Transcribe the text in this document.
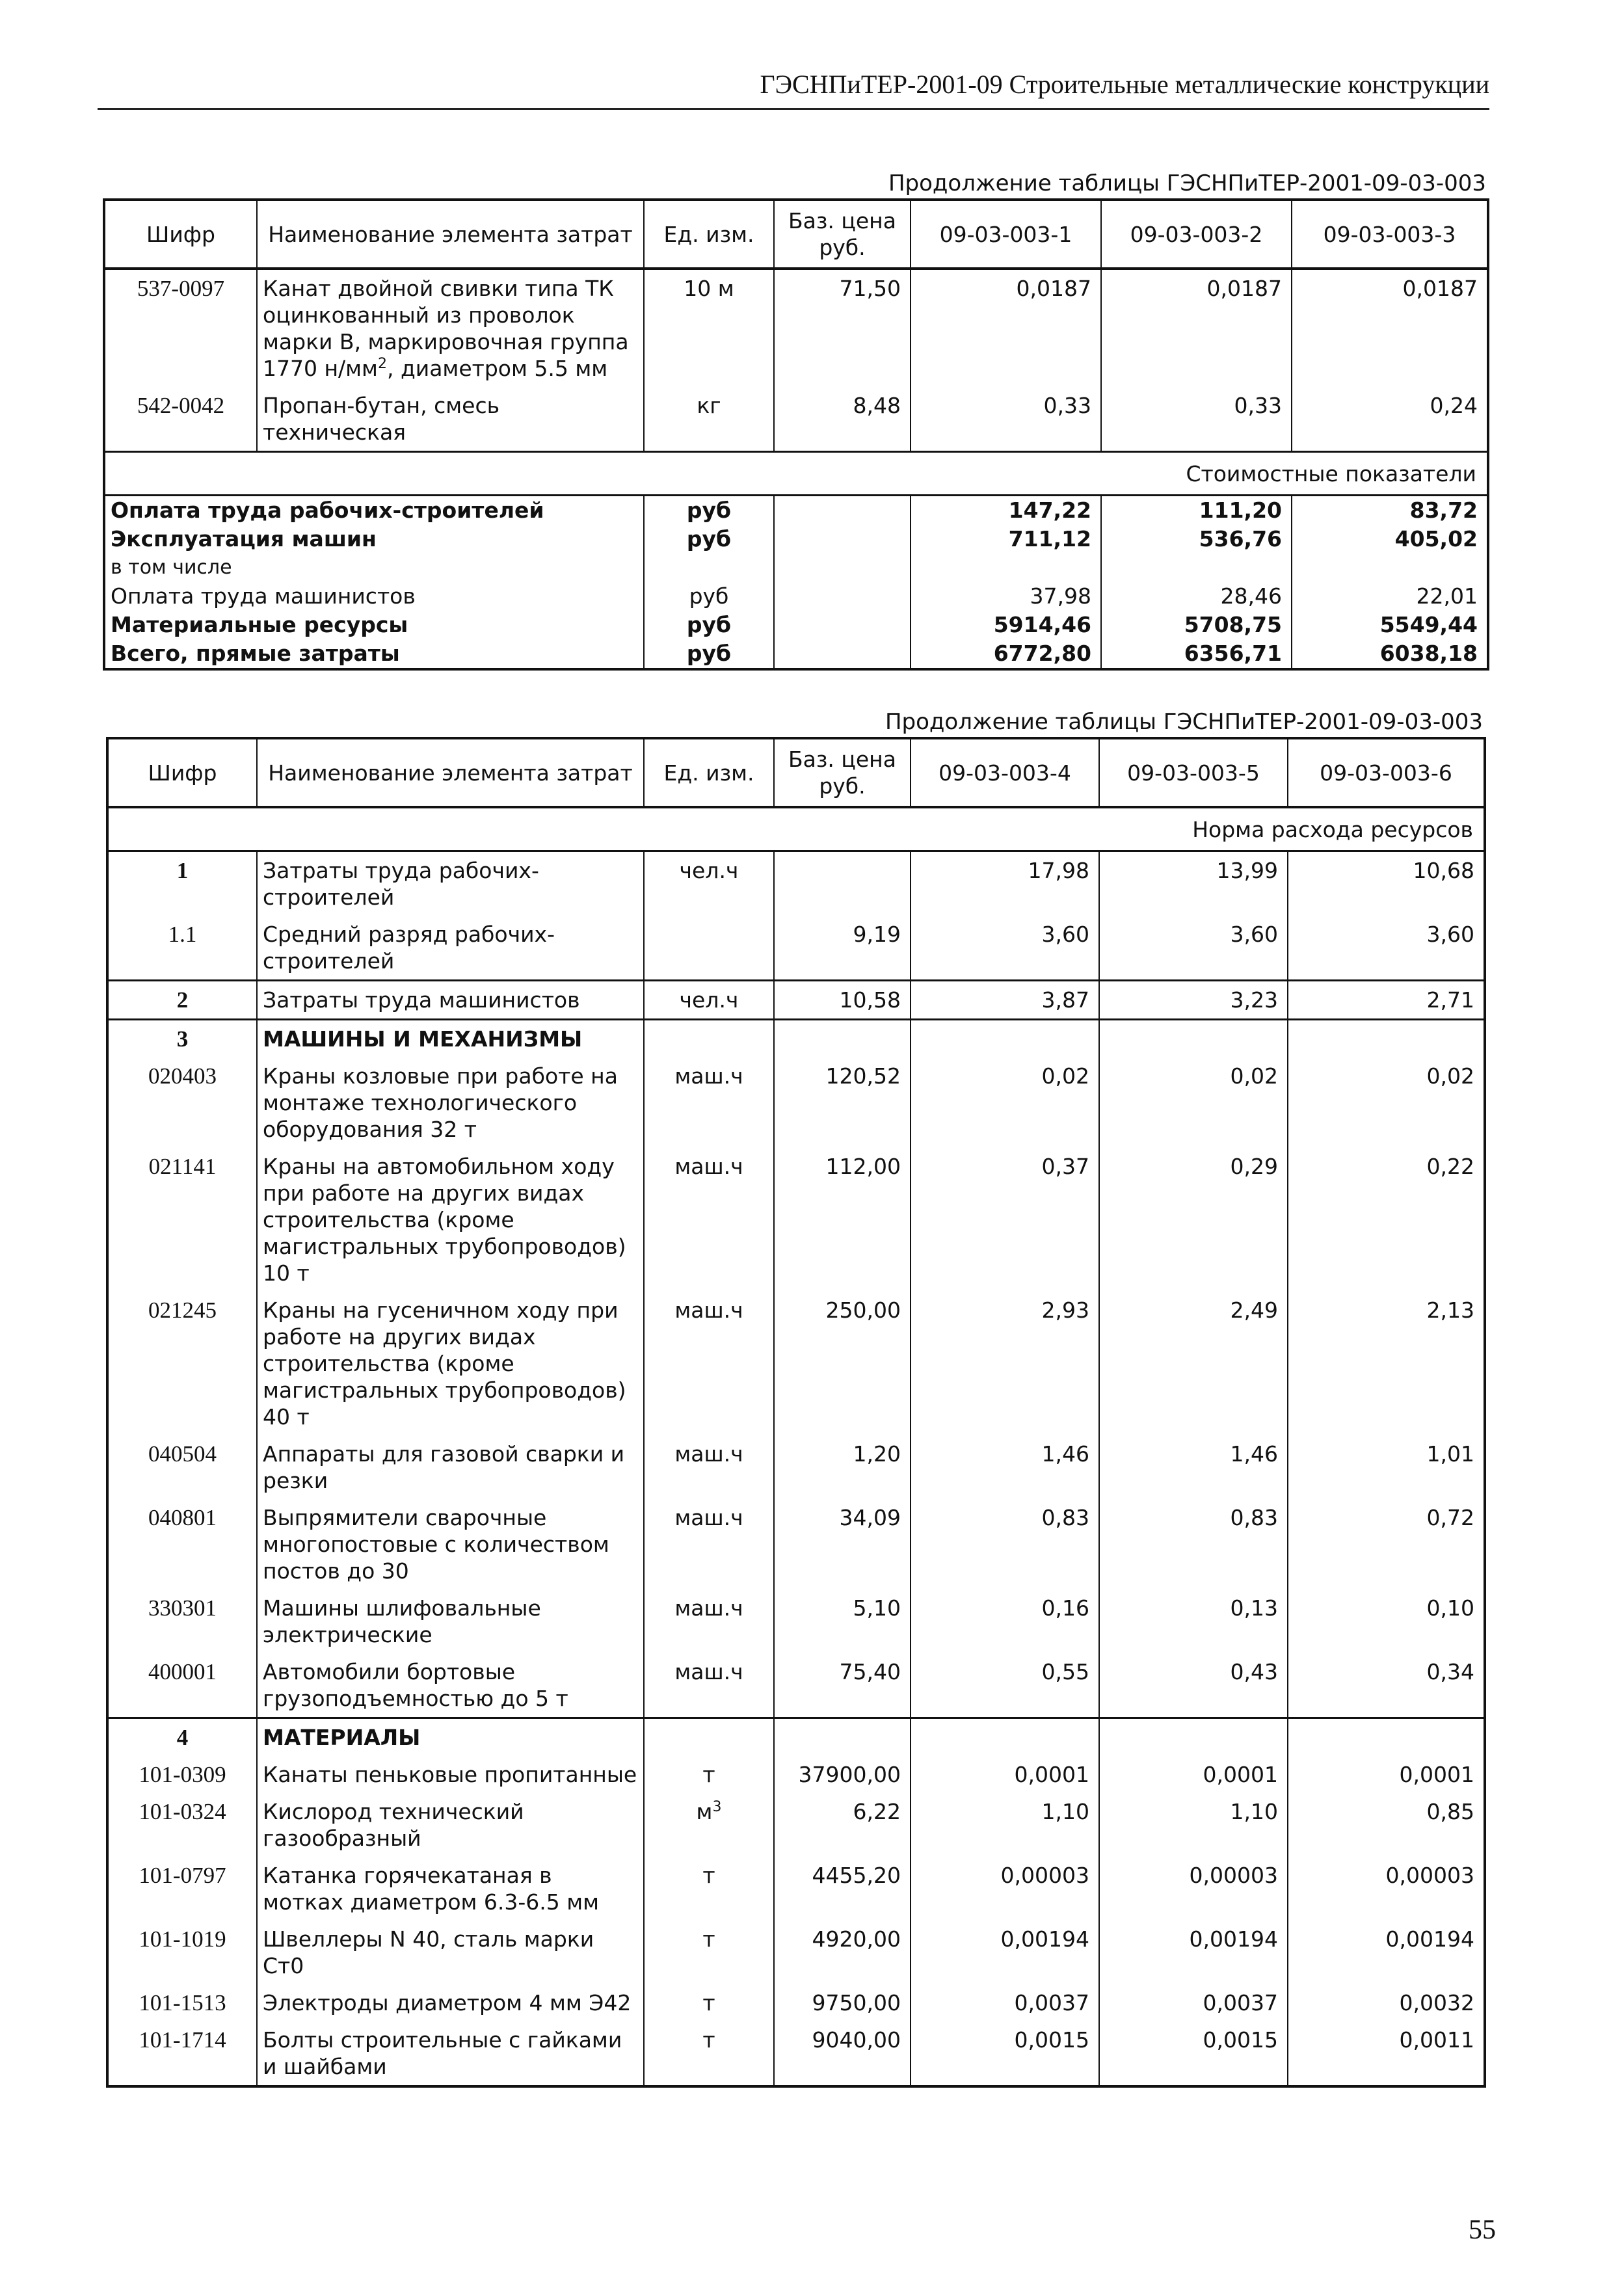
ГЭСНПиТЕР-2001-09 Строительные металлические конструкции
Продолжение таблицы ГЭСНПиТЕР-2001-09-03-003
Шифр	Наименование элемента затрат	Ед. изм.	Баз. цена руб.	09-03-003-1	09-03-003-2	09-03-003-3
537-0097	Канат двойной свивки типа ТК оцинкованный из проволок марки В, маркировочная группа 1770 $н/мм^2$, диаметром 5.5 мм	10 м	71,50	0,0187	0,0187	0,0187
542-0042	Пропан-бутан, смесь техническая	кг	8,48	0,33	0,33	0,24
Стоимостные показатели						
Оплата труда рабочих-строителей		руб		147,22	111,20	83,72
Эксплуатация машин		руб		711,12	536,76	405,02
в том числе						
Оплата труда машинистов		руб		37,98	28,46	22,01
Материальные ресурсы		руб		5914,46	5708,75	5549,44
Всего, прямые затраты		руб		6772,80	6356,71	6038,18
Продолжение таблицы ГЭСНПиТЕР-2001-09-03-003
Шифр	Наименование элемента затрат	Ед. изм.	Баз. цена руб.	09-03-003-4	09-03-003-5	09-03-003-6
Норма расхода ресурсов						
1	Затраты труда рабочих-строителей	чел.ч		17,98	13,99	10,68
1.1	Средний разряд рабочих-строителей		9,19	3,60	3,60	3,60
2	Затраты труда машинистов	чел.ч	10,58	3,87	3,23	2,71
3	МАШИНЫ И МЕХАНИЗМЫ					
020403	Краны козловые при работе на монтаже технологического оборудования 32 т	маш.ч	120,52	0,02	0,02	0,02
021141	Краны на автомобильном ходу при работе на других видах строительства (кроме магистральных трубопроводов) 10 т	маш.ч	112,00	0,37	0,29	0,22
021245	Краны на гусеничном ходу при работе на других видах строительства (кроме магистральных трубопроводов) 40 т	маш.ч	250,00	2,93	2,49	2,13
040504	Аппараты для газовой сварки и резки	маш.ч	1,20	1,46	1,46	1,01
040801	Выпрямители сварочные многопостовые с количеством постов до 30	маш.ч	34,09	0,83	0,83	0,72
330301	Машины шлифовальные электрические	маш.ч	5,10	0,16	0,13	0,10
400001	Автомобили бортовые грузоподъемностью до 5 т	маш.ч	75,40	0,55	0,43	0,34
4	МАТЕРИАЛЫ					
101-0309	Канаты пеньковые пропитанные	т	37900,00	0,0001	0,0001	0,0001
101-0324	Кислород технический газообразный	$м^3$	6,22	1,10	1,10	0,85
101-0797	Катанка горячекатаная в мотках диаметром 6.3-6.5 мм	т	4455,20	0,00003	0,00003	0,00003
101-1019	Швеллеры N 40, сталь марки Ст0	т	4920,00	0,00194	0,00194	0,00194
101-1513	Электроды диаметром 4 мм Э42	т	9750,00	0,0037	0,0037	0,0032
101-1714	Болты строительные с гайками и шайбами	т	9040,00	0,0015	0,0015	0,0011
55
